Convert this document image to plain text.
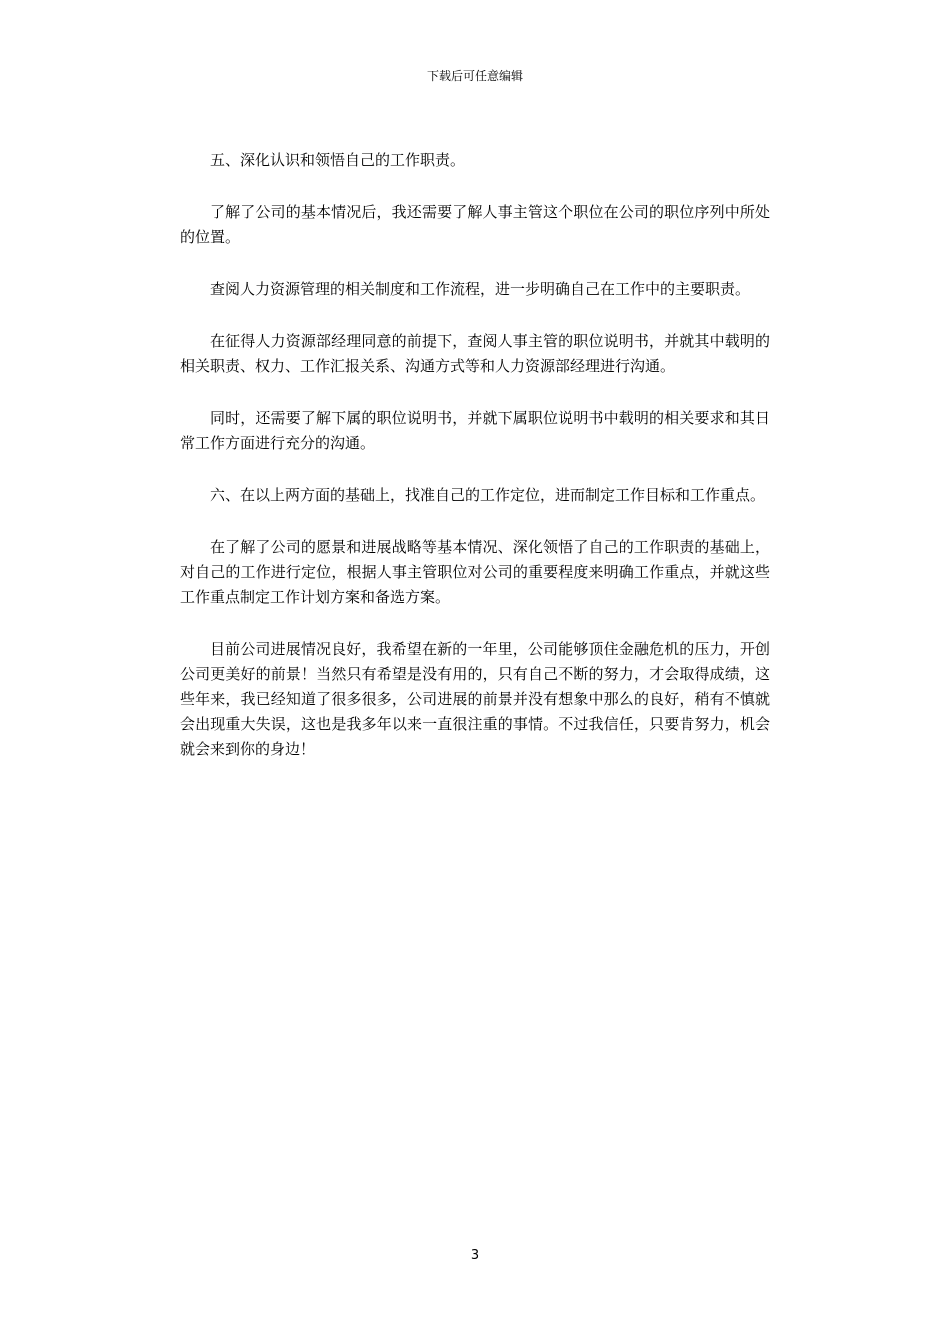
下载后可任意编辑

五、深化认识和领悟自己的工作职责。

了解了公司的基本情况后，我还需要了解人事主管这个职位在公司的职位序列中所处的位置。

查阅人力资源管理的相关制度和工作流程，进一步明确自己在工作中的主要职责。

在征得人力资源部经理同意的前提下，查阅人事主管的职位说明书，并就其中载明的相关职责、权力、工作汇报关系、沟通方式等和人力资源部经理进行沟通。

同时，还需要了解下属的职位说明书，并就下属职位说明书中载明的相关要求和其日常工作方面进行充分的沟通。

六、在以上两方面的基础上，找准自己的工作定位，进而制定工作目标和工作重点。

在了解了公司的愿景和进展战略等基本情况、深化领悟了自己的工作职责的基础上，对自己的工作进行定位，根据人事主管职位对公司的重要程度来明确工作重点，并就这些工作重点制定工作计划方案和备选方案。

目前公司进展情况良好，我希望在新的一年里，公司能够顶住金融危机的压力，开创公司更美好的前景！当然只有希望是没有用的，只有自己不断的努力，才会取得成绩，这些年来，我已经知道了很多很多，公司进展的前景并没有想象中那么的良好，稍有不慎就会出现重大失误，这也是我多年以来一直很注重的事情。不过我信任，只要肯努力，机会就会来到你的身边！

3
